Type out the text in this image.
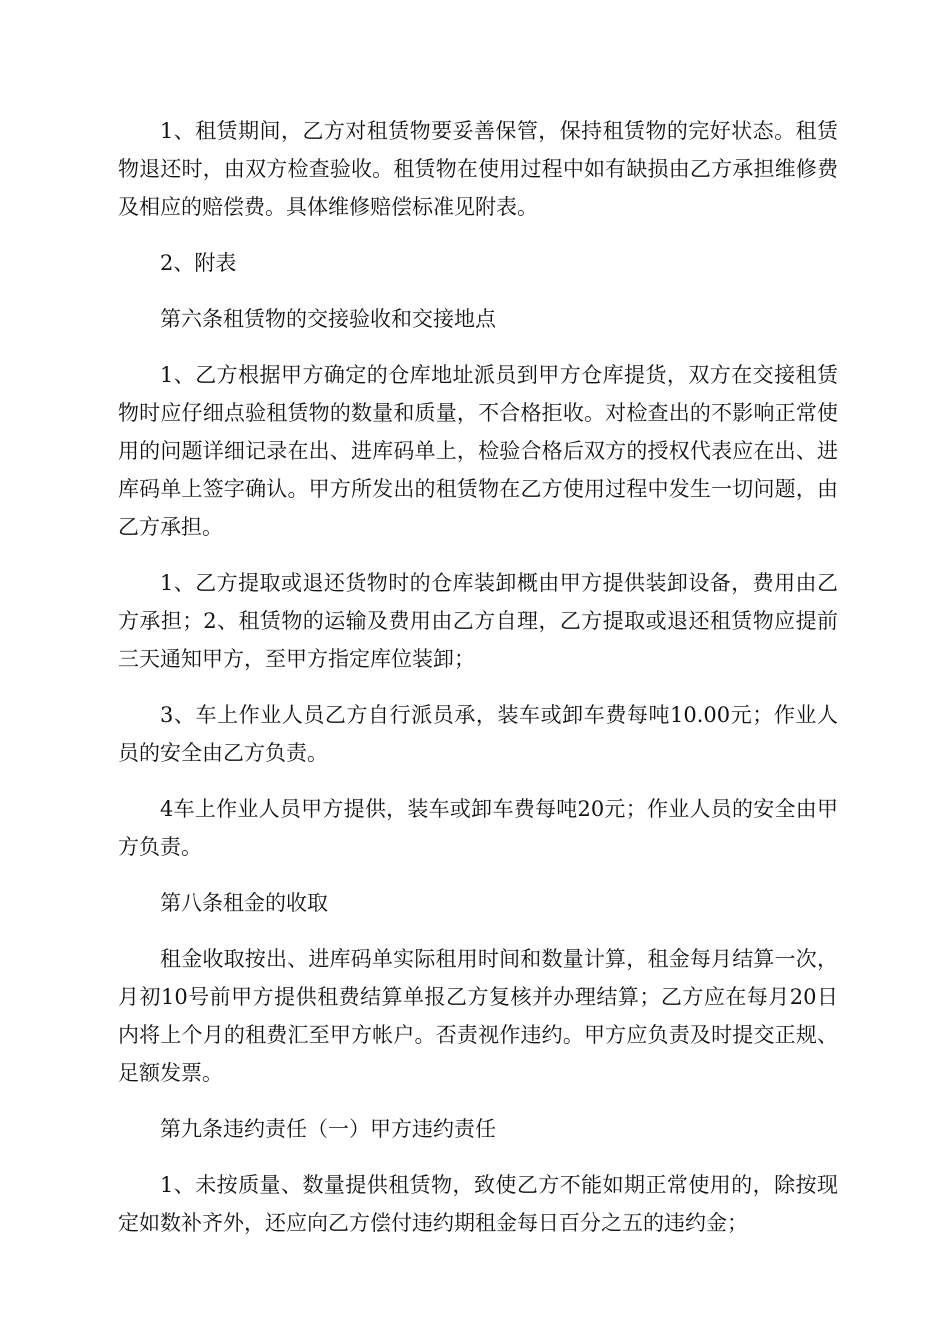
1、租赁期间，乙方对租赁物要妥善保管，保持租赁物的完好状态。租赁物退还时，由双方检查验收。租赁物在使用过程中如有缺损由乙方承担维修费及相应的赔偿费。具体维修赔偿标准见附表。

2、附表

第六条租赁物的交接验收和交接地点

1、乙方根据甲方确定的仓库地址派员到甲方仓库提货，双方在交接租赁物时应仔细点验租赁物的数量和质量，不合格拒收。对检查出的不影响正常使用的问题详细记录在出、进库码单上，检验合格后双方的授权代表应在出、进库码单上签字确认。甲方所发出的租赁物在乙方使用过程中发生一切问题，由乙方承担。

1、乙方提取或退还货物时的仓库装卸概由甲方提供装卸设备，费用由乙方承担；2、租赁物的运输及费用由乙方自理，乙方提取或退还租赁物应提前三天通知甲方，至甲方指定库位装卸；

3、车上作业人员乙方自行派员承，装车或卸车费每吨10.00元；作业人员的安全由乙方负责。

4车上作业人员甲方提供，装车或卸车费每吨20元；作业人员的安全由甲方负责。

第八条租金的收取

租金收取按出、进库码单实际租用时间和数量计算，租金每月结算一次，月初10号前甲方提供租费结算单报乙方复核并办理结算；乙方应在每月20日内将上个月的租费汇至甲方帐户。否责视作违约。甲方应负责及时提交正规、足额发票。

第九条违约责任（一）甲方违约责任

1、未按质量、数量提供租赁物，致使乙方不能如期正常使用的，除按现定如数补齐外，还应向乙方偿付违约期租金每日百分之五的违约金；
